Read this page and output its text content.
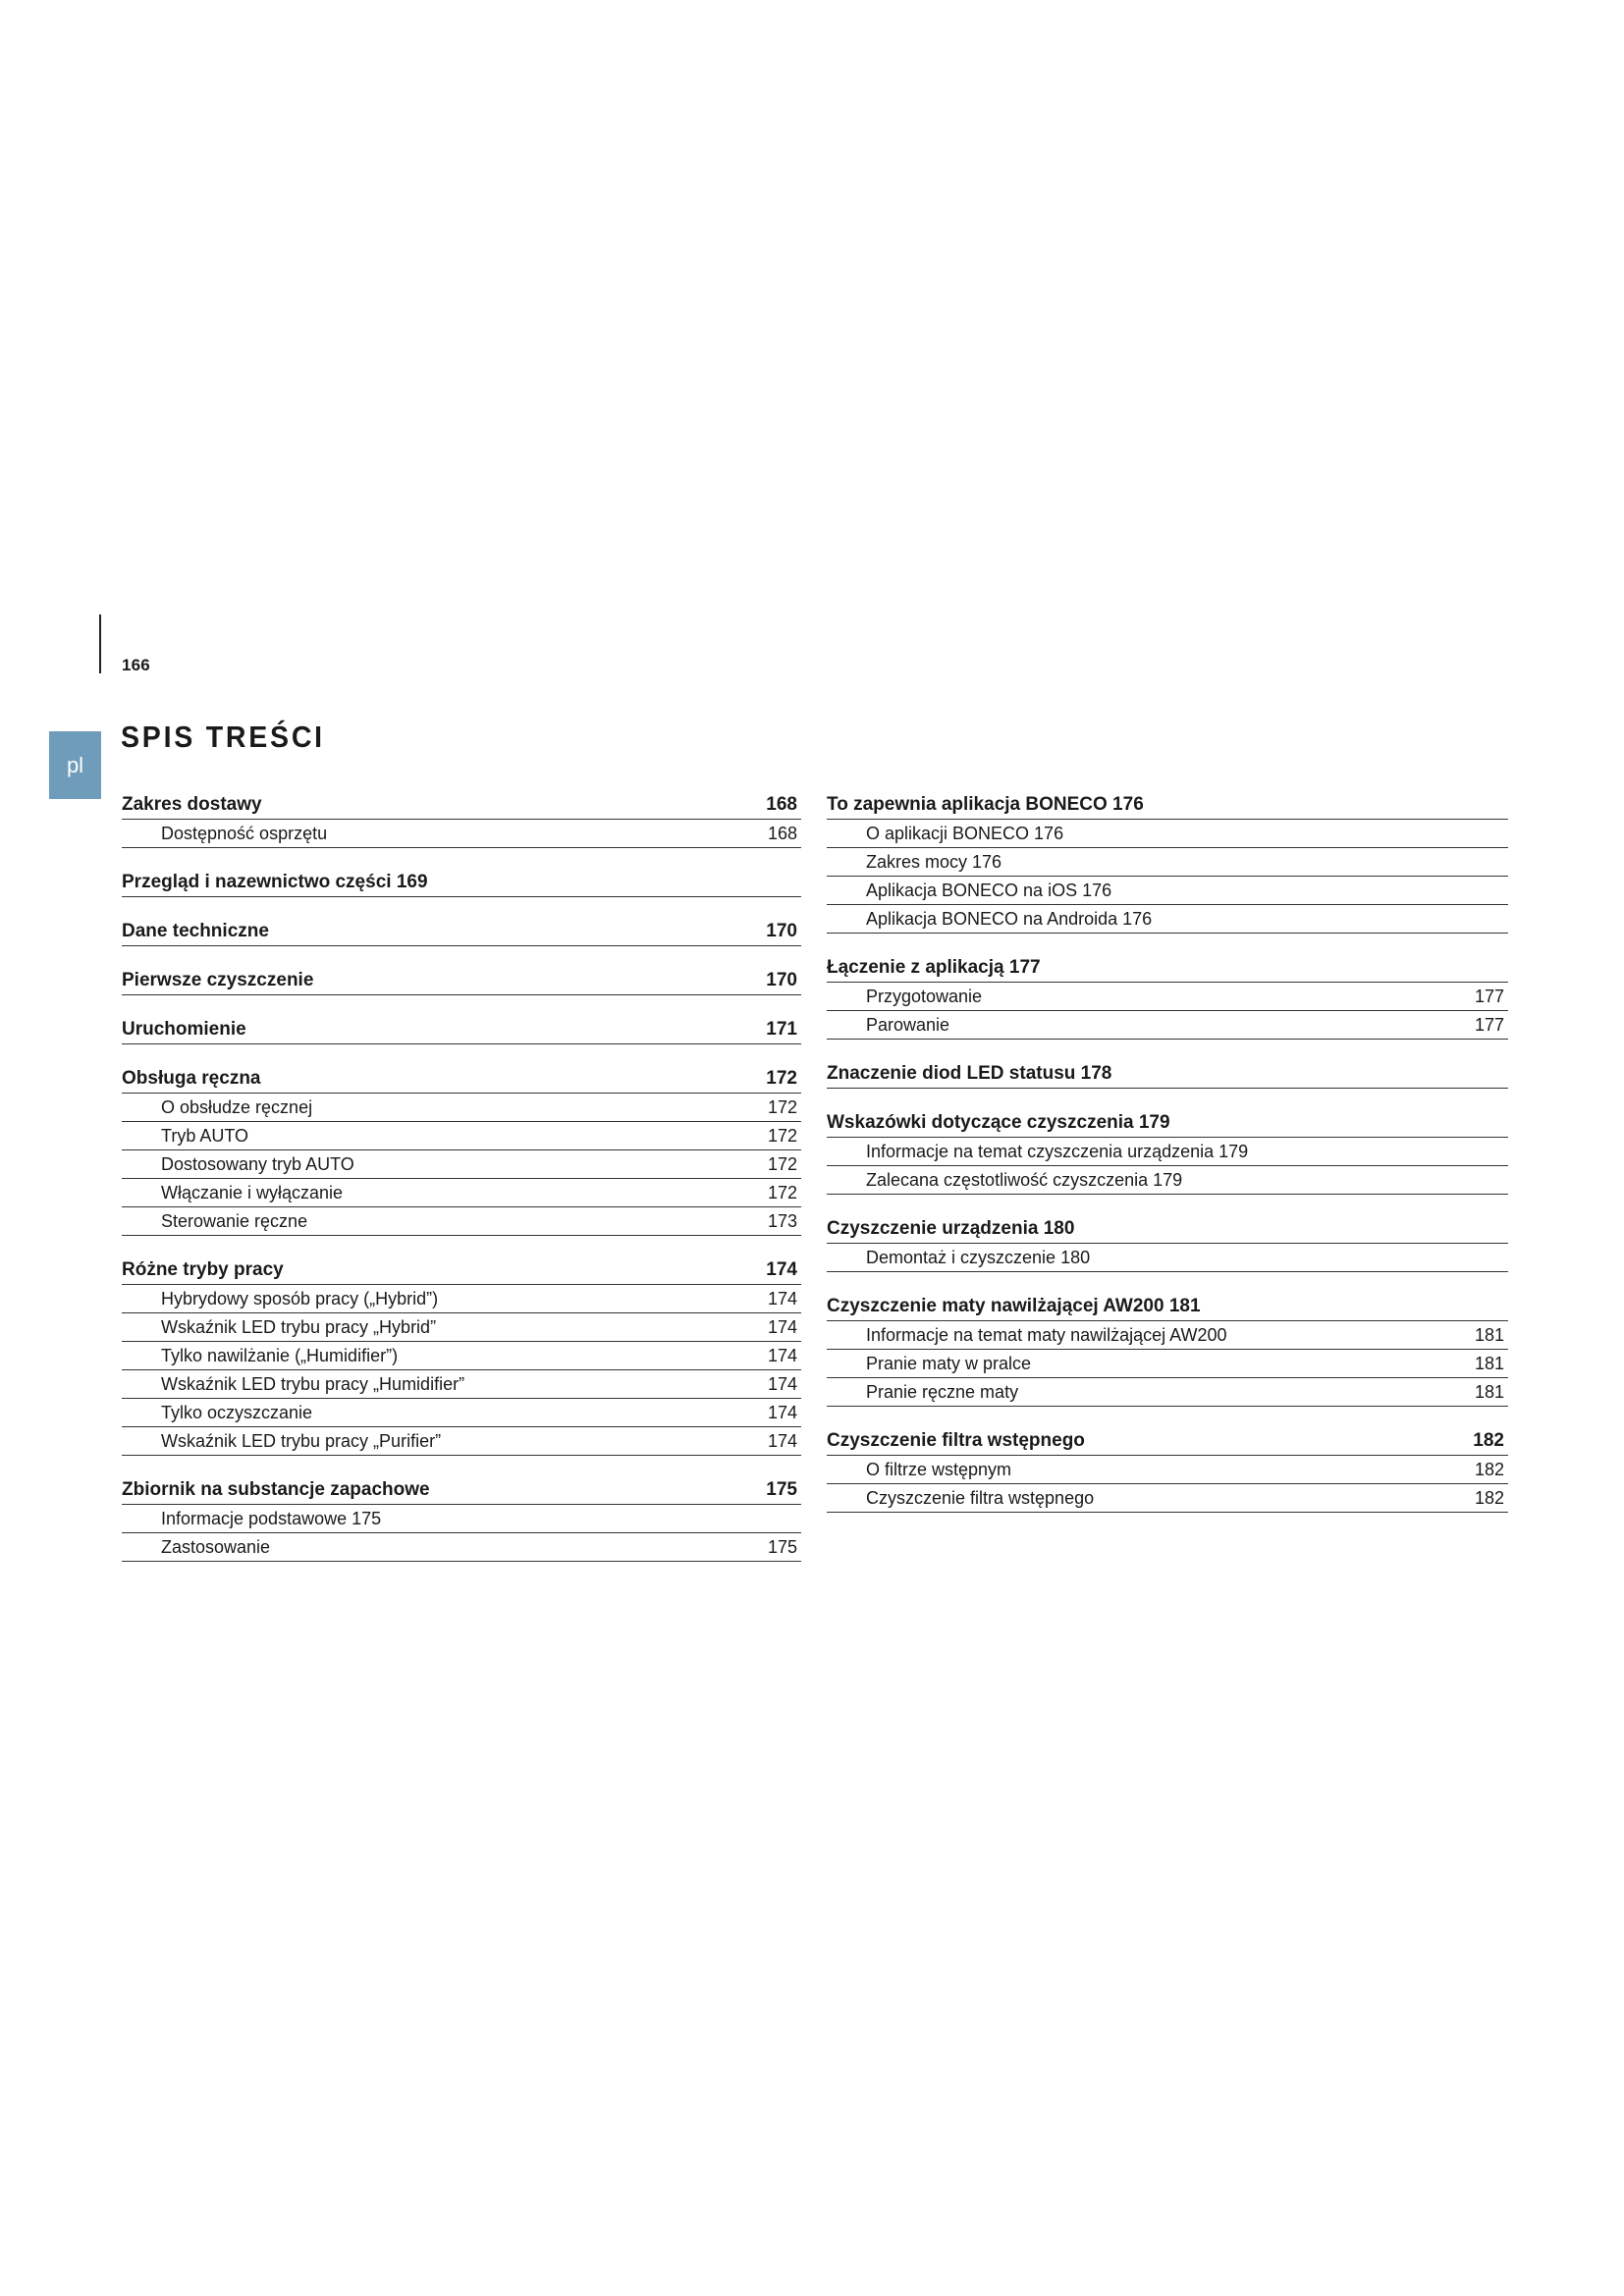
166
pl
SPIS TREŚCI
Zakres dostawy	168
Dostępność osprzętu	168
Przegląd i nazewnictwo części 169
Dane techniczne	170
Pierwsze czyszczenie	170
Uruchomienie	171
Obsługa ręczna	172
O obsłudze ręcznej	172
Tryb AUTO	172
Dostosowany tryb AUTO	172
Włączanie i wyłączanie	172
Sterowanie ręczne	173
Różne tryby pracy	174
Hybrydowy sposób pracy („Hybrid”)	174
Wskaźnik LED trybu pracy „Hybrid”	174
Tylko nawilżanie („Humidifier”)	174
Wskaźnik LED trybu pracy „Humidifier”	174
Tylko oczyszczanie	174
Wskaźnik LED trybu pracy „Purifier”	174
Zbiornik na substancje zapachowe	175
Informacje podstawowe 175
Zastosowanie	175
To zapewnia aplikacja BONECO 176
O aplikacji BONECO 176
Zakres mocy 176
Aplikacja BONECO na iOS 176
Aplikacja BONECO na Androida 176
Łączenie z aplikacją 177
Przygotowanie	177
Parowanie	177
Znaczenie diod LED statusu 178
Wskazówki dotyczące czyszczenia 179
Informacje na temat czyszczenia urządzenia 179
Zalecana częstotliwość czyszczenia 179
Czyszczenie urządzenia 180
Demontaż i czyszczenie 180
Czyszczenie maty nawilżającej AW200 181
Informacje na temat maty nawilżającej AW200	181
Pranie maty w pralce	181
Pranie ręczne maty	181
Czyszczenie filtra wstępnego	182
O filtrze wstępnym	182
Czyszczenie filtra wstępnego	182
